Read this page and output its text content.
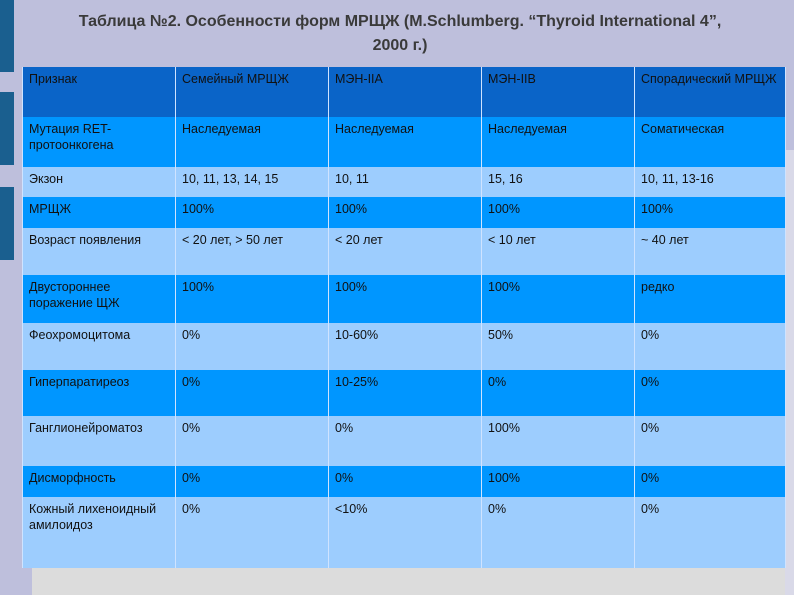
Таблица №2. Особенности форм МРЩЖ (M.Schlumberg. “Thyroid International 4”, 2000 г.)
Признак	Семейный МРЩЖ	МЭН-IIA	МЭН-IIB	Спорадический МРЩЖ
Мутация RET-протоонкогена	Наследуемая	Наследуемая	Наследуемая	Соматическая
Экзон	10, 11, 13, 14, 15	10, 11	15, 16	10, 11, 13-16
МРЩЖ	100%	100%	100%	100%
Возраст появления	< 20 лет, > 50 лет	< 20 лет	< 10 лет	~ 40 лет
Двустороннее поражение ЩЖ	100%	100%	100%	редко
Феохромоцитома	0%	10-60%	50%	0%
Гиперпаратиреоз	0%	10-25%	0%	0%
Ганглионейроматоз	0%	0%	100%	0%
Дисморфность	0%	0%	100%	0%
Кожный лихеноидный амилоидоз	0%	<10%	0%	0%
